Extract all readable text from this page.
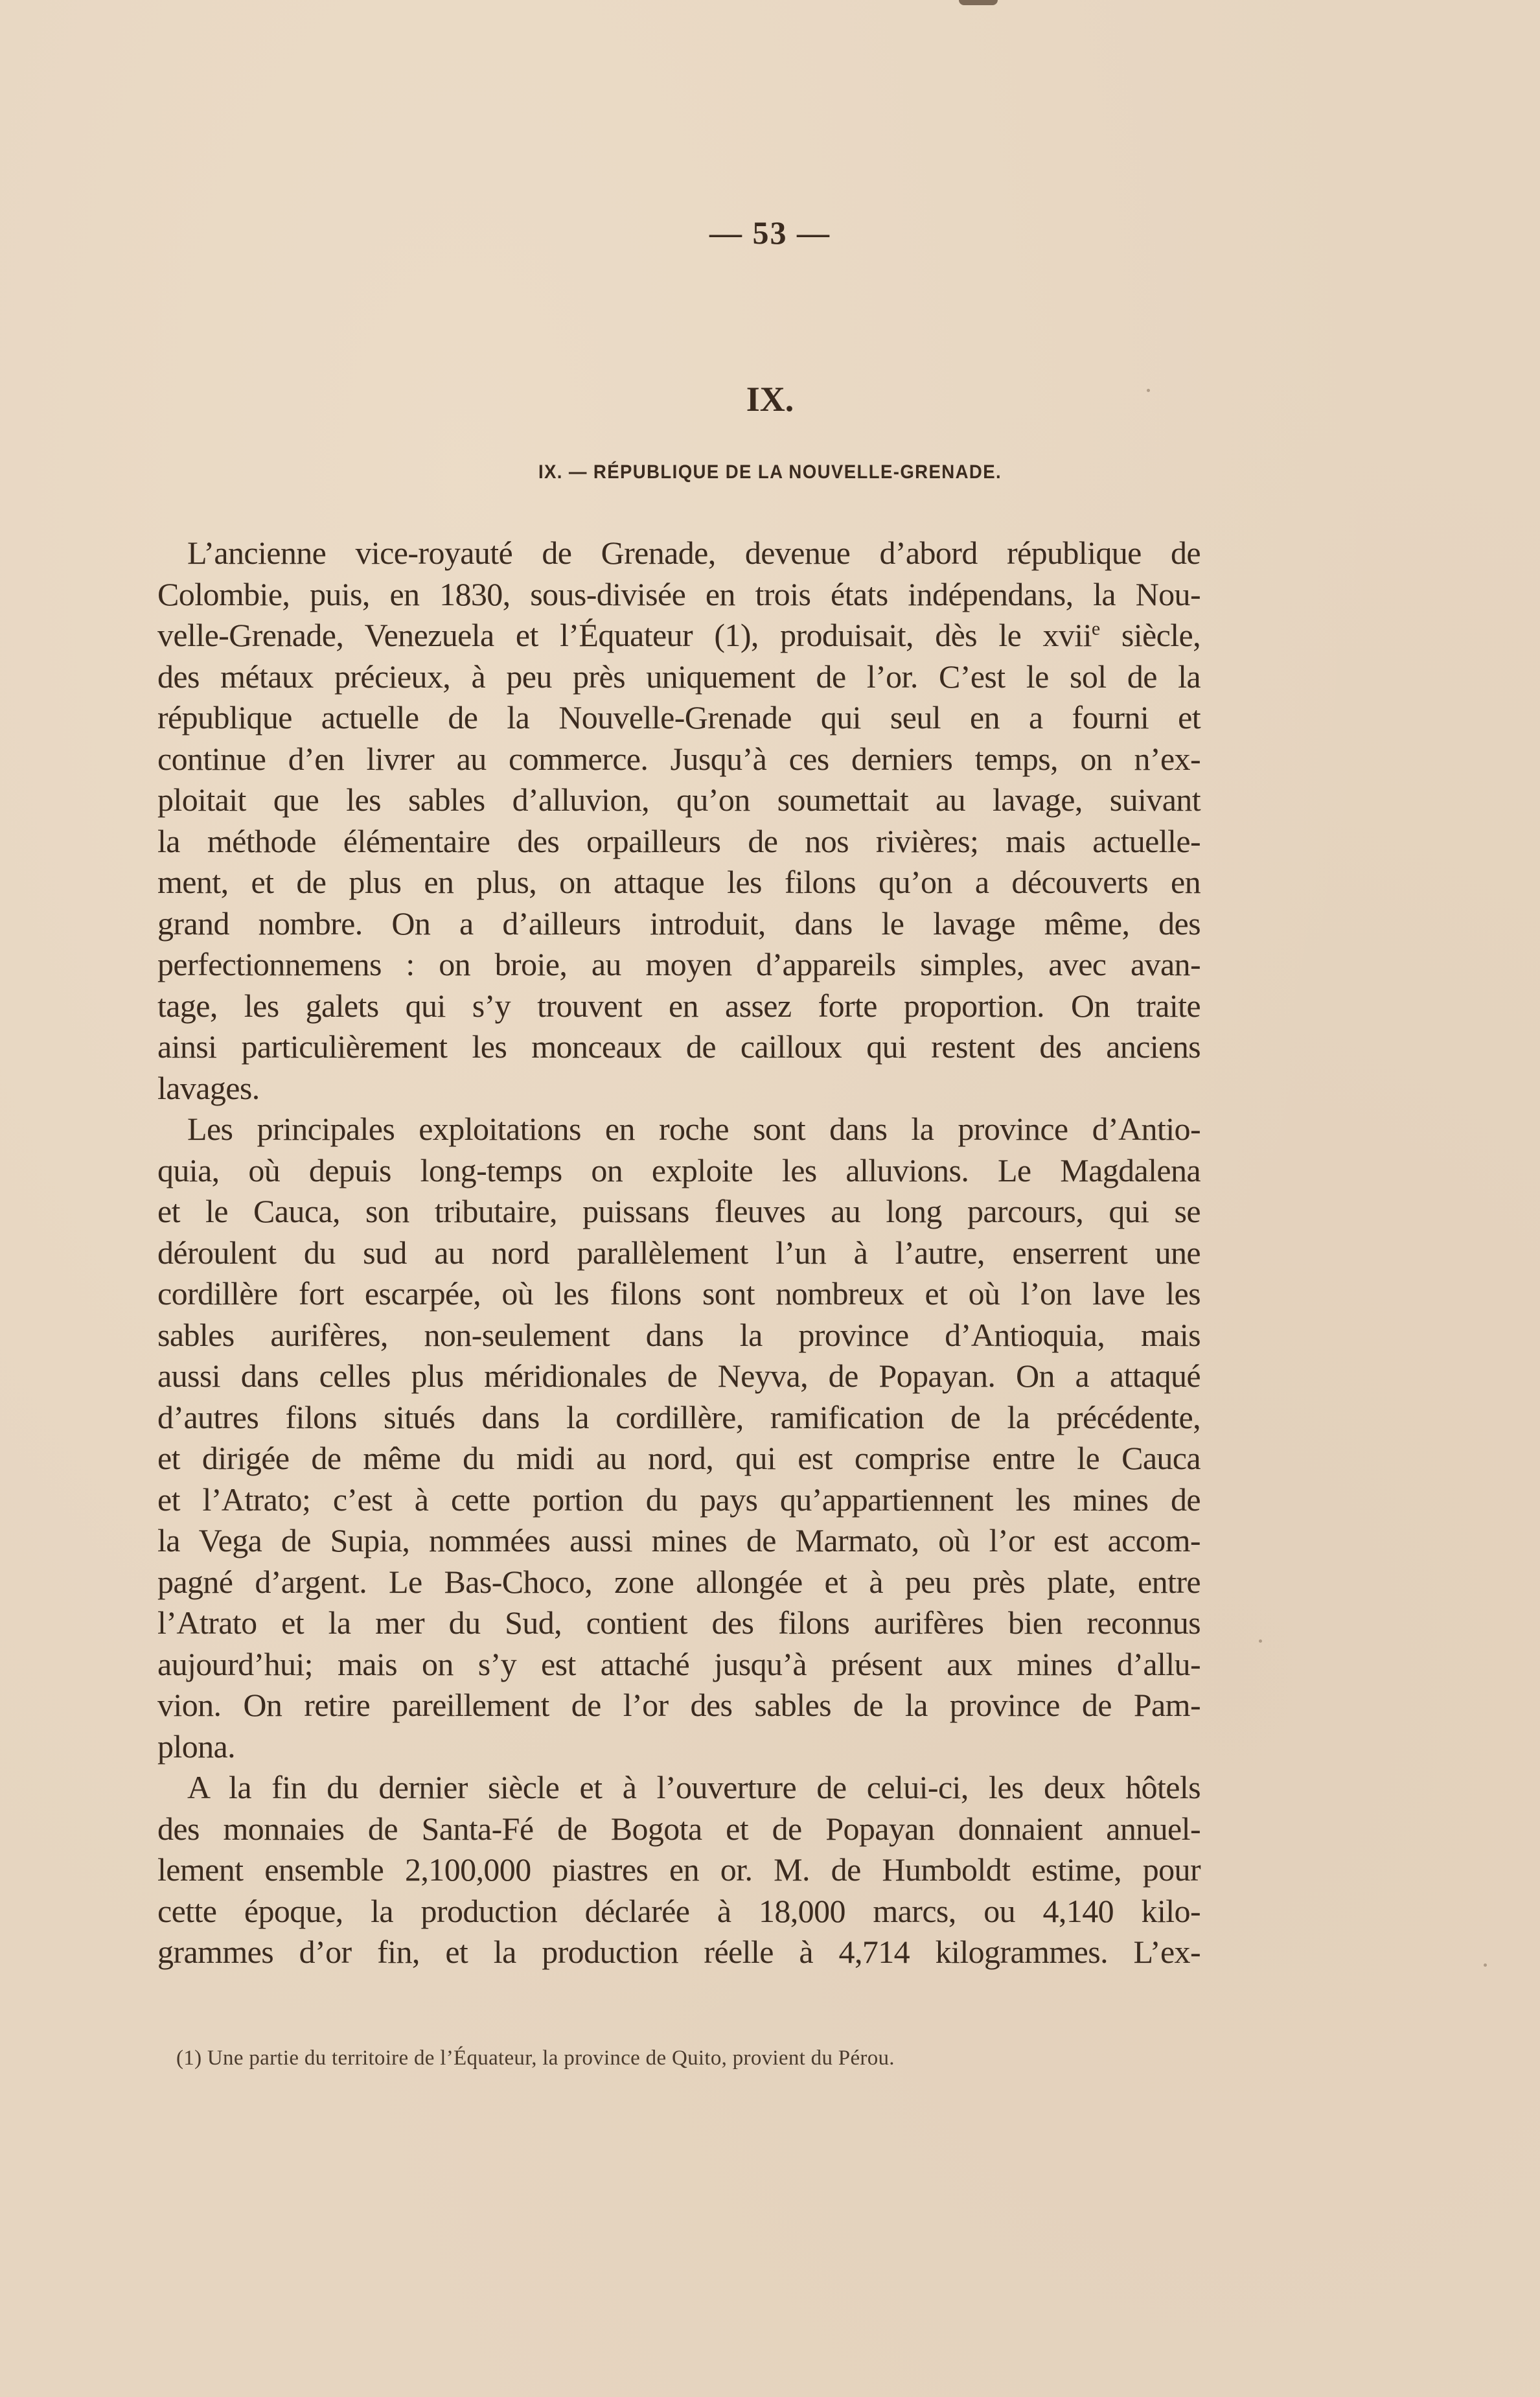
— 53 —
IX.
IX. — RÉPUBLIQUE DE LA NOUVELLE-GRENADE.
L’ancienne vice-royauté de Grenade, devenue d’abord république de
Colombie, puis, en 1830, sous-divisée en trois états indépendans, la Nou-
velle-Grenade, Venezuela et l’Équateur (1), produisait, dès le xvii$^e$ siècle,
des métaux précieux, à peu près uniquement de l’or. C’est le sol de la
république actuelle de la Nouvelle-Grenade qui seul en a fourni et
continue d’en livrer au commerce. Jusqu’à ces derniers temps, on n’ex-
ploitait que les sables d’alluvion, qu’on soumettait au lavage, suivant
la méthode élémentaire des orpailleurs de nos rivières; mais actuelle-
ment, et de plus en plus, on attaque les filons qu’on a découverts en
grand nombre. On a d’ailleurs introduit, dans le lavage même, des
perfectionnemens : on broie, au moyen d’appareils simples, avec avan-
tage, les galets qui s’y trouvent en assez forte proportion. On traite
ainsi particulièrement les monceaux de cailloux qui restent des anciens
lavages.
Les principales exploitations en roche sont dans la province d’Antio-
quia, où depuis long-temps on exploite les alluvions. Le Magdalena
et le Cauca, son tributaire, puissans fleuves au long parcours, qui se
déroulent du sud au nord parallèlement l’un à l’autre, enserrent une
cordillère fort escarpée, où les filons sont nombreux et où l’on lave les
sables aurifères, non-seulement dans la province d’Antioquia, mais
aussi dans celles plus méridionales de Neyva, de Popayan. On a attaqué
d’autres filons situés dans la cordillère, ramification de la précédente,
et dirigée de même du midi au nord, qui est comprise entre le Cauca
et l’Atrato; c’est à cette portion du pays qu’appartiennent les mines de
la Vega de Supia, nommées aussi mines de Marmato, où l’or est accom-
pagné d’argent. Le Bas-Choco, zone allongée et à peu près plate, entre
l’Atrato et la mer du Sud, contient des filons aurifères bien reconnus
aujourd’hui; mais on s’y est attaché jusqu’à présent aux mines d’allu-
vion. On retire pareillement de l’or des sables de la province de Pam-
plona.
A la fin du dernier siècle et à l’ouverture de celui-ci, les deux hôtels
des monnaies de Santa-Fé de Bogota et de Popayan donnaient annuel-
lement ensemble 2,100,000 piastres en or. M. de Humboldt estime, pour
cette époque, la production déclarée à 18,000 marcs, ou 4,140 kilo-
grammes d’or fin, et la production réelle à 4,714 kilogrammes. L’ex-
(1) Une partie du territoire de l’Équateur, la province de Quito, provient du Pérou.
